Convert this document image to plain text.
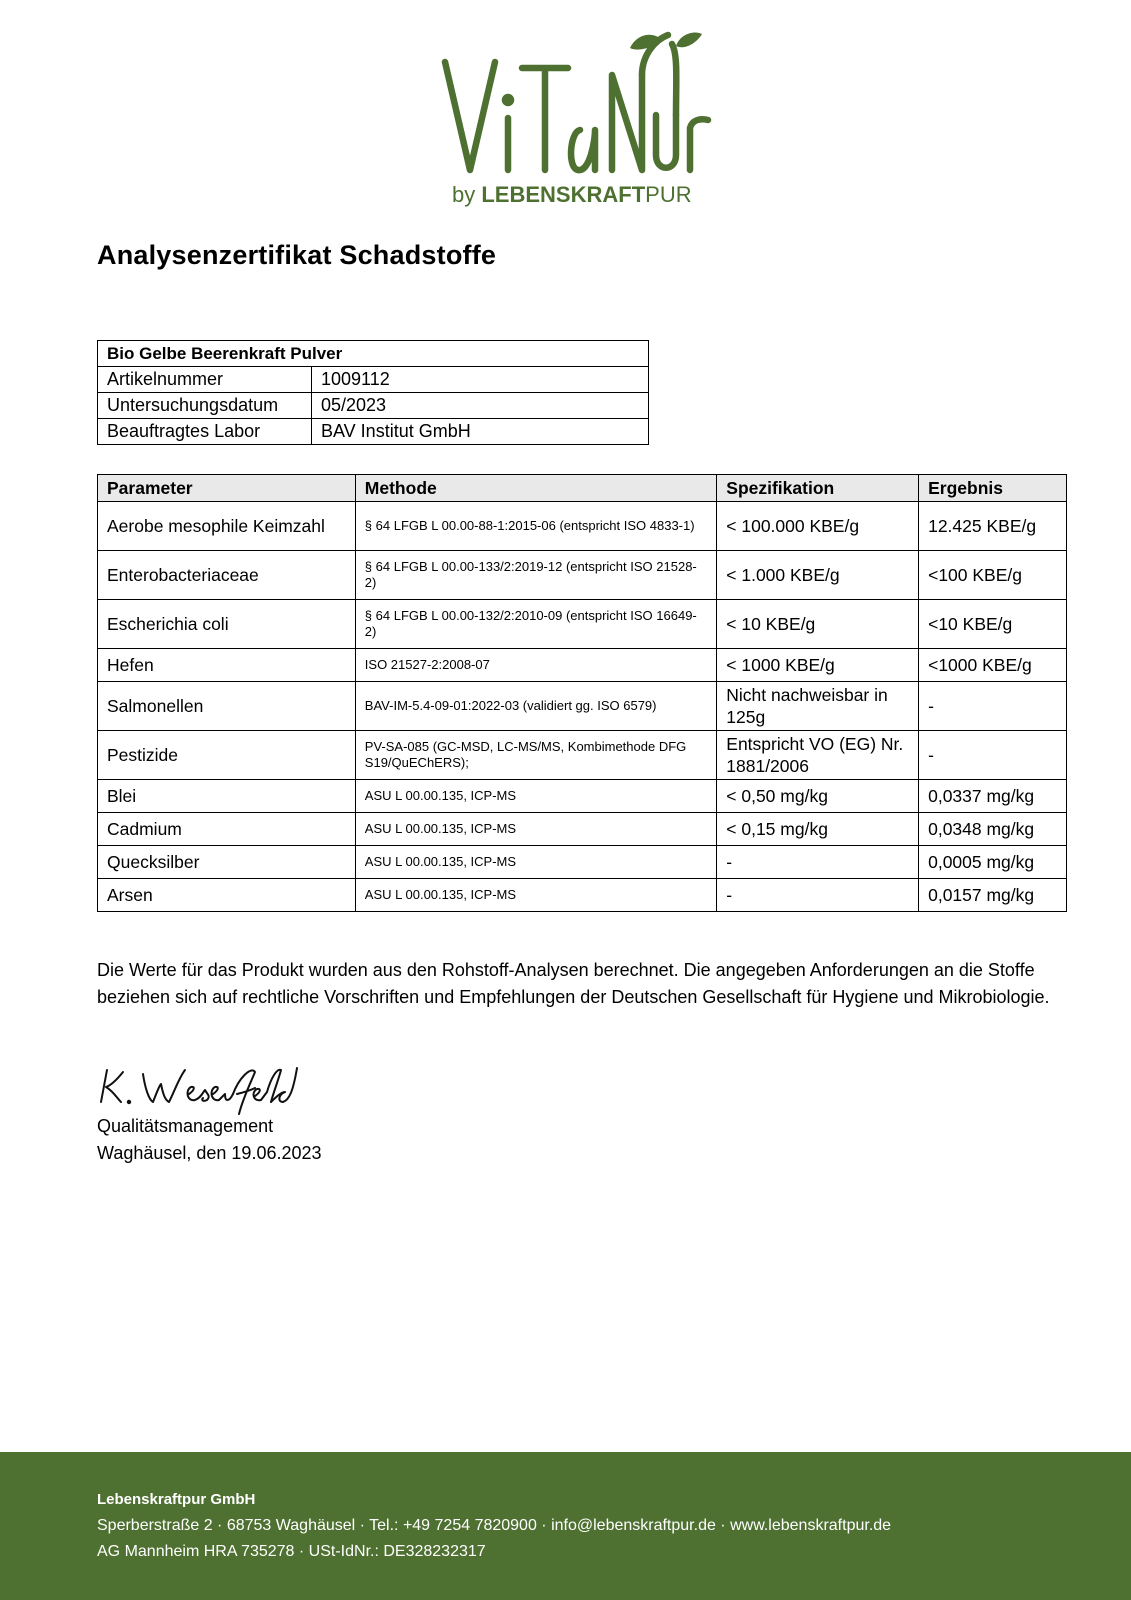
by LEBENSKRAFTPUR
Analysenzertifikat Schadstoffe
Bio Gelbe Beerenkraft Pulver	
Artikelnummer	1009112
Untersuchungsdatum	05/2023
Beauftragtes Labor	BAV Institut GmbH
Parameter	Methode	Spezifikation	Ergebnis
Aerobe mesophile Keimzahl	§ 64 LFGB L 00.00-88-1:2015-06 (entspricht ISO 4833-1)	< 100.000 KBE/g	12.425 KBE/g
Enterobacteriaceae	§ 64 LFGB L 00.00-133/2:2019-12 (entspricht ISO 21528-2)	< 1.000 KBE/g	<100 KBE/g
Escherichia coli	§ 64 LFGB L 00.00-132/2:2010-09 (entspricht ISO 16649-2)	< 10 KBE/g	<10 KBE/g
Hefen	ISO 21527-2:2008-07	< 1000 KBE/g	<1000 KBE/g
Salmonellen	BAV-IM-5.4-09-01:2022-03 (validiert gg. ISO 6579)	Nicht nachweisbar in 125g	-
Pestizide	PV-SA-085 (GC-MSD, LC-MS/MS, Kombimethode DFG S19/QuEChERS);	Entspricht VO (EG) Nr. 1881/2006	-
Blei	ASU L 00.00.135, ICP-MS	< 0,50 mg/kg	0,0337 mg/kg
Cadmium	ASU L 00.00.135, ICP-MS	< 0,15 mg/kg	0,0348 mg/kg
Quecksilber	ASU L 00.00.135, ICP-MS	-	0,0005 mg/kg
Arsen	ASU L 00.00.135, ICP-MS	-	0,0157 mg/kg

Die Werte für das Produkt wurden aus den Rohstoff-Analysen berechnet. Die angegeben Anforderungen an die Stoffe beziehen sich auf rechtliche Vorschriften und Empfehlungen der Deutschen Gesellschaft für Hygiene und Mikrobiologie.

Qualitätsmanagement
Waghäusel, den 19.06.2023
Lebenskraftpur GmbH
Sperberstraße 2 · 68753 Waghäusel · Tel.: +49 7254 7820900 · info@lebenskraftpur.de · www.lebenskraftpur.de
AG Mannheim HRA 735278 · USt-IdNr.: DE328232317
